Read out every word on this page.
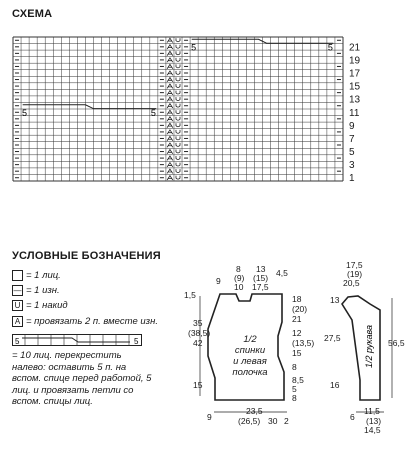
СХЕМА
21
19
17
15
13
11
9
7
5
3
1
5	5
5	5
1/2
спинки
и левая
полочка
8
(9)
10
13
(15)
17,5
4,5
9
1,5
35
(38,5)
42
15
18
(20)
21
12
(13,5)
15
8
8,5
5
8
9
23,5
(26,5) 30 2
1/2 рукава
17,5
(19)
20,5
13
27,5
16
56,5
6
11,5
(13)
14,5
УСЛОВНЫЕ БОЗНАЧЕНИЯ
= 1 лиц.
— = 1 изн.
U = 1 накид
A = провязать 2 п. вместе изн.
5	5
= 10 лиц. перекрестить налево: оставить 5 п. на вспом. спице перед работой, 5 лиц. и провязать петли со вспом. спицы лиц.
